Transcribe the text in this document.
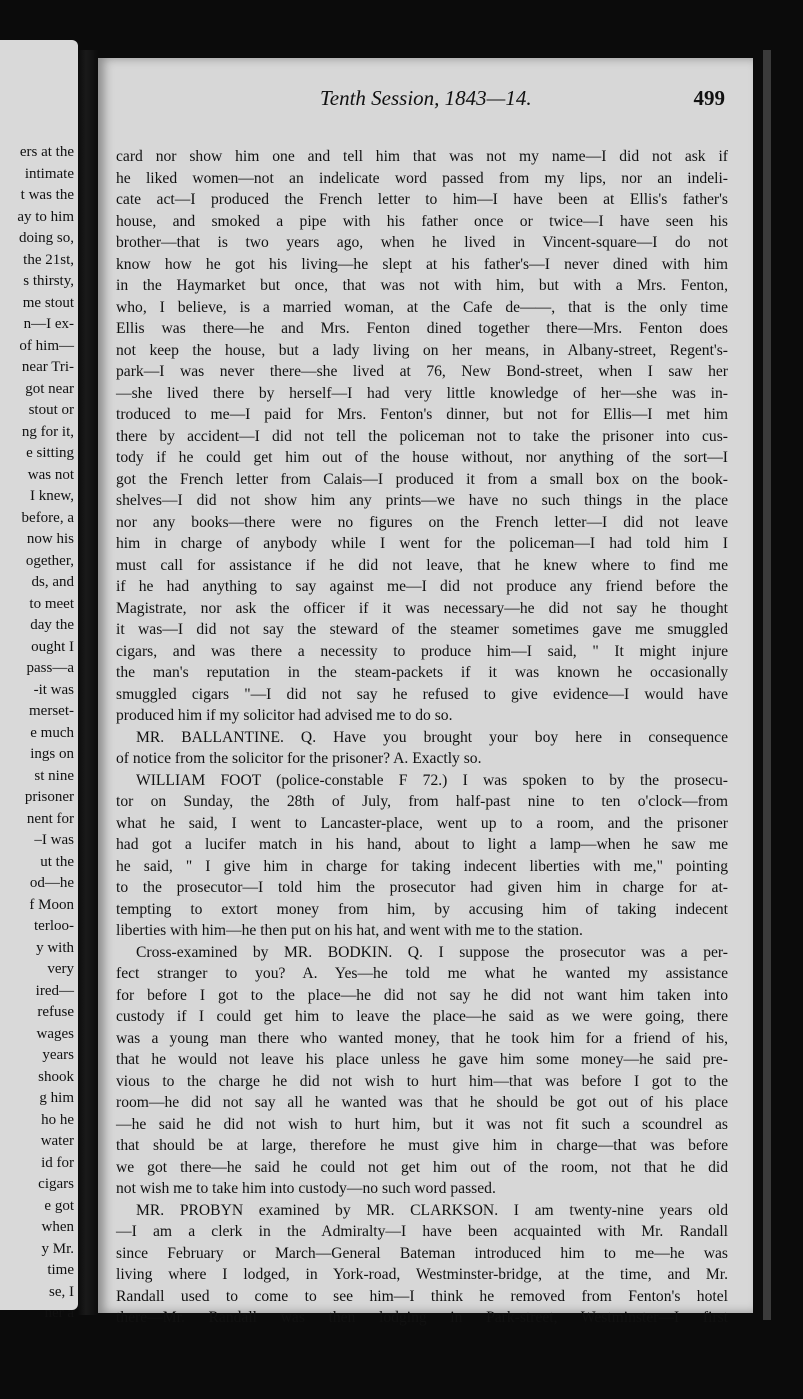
ers at the
intimate
t was the
ay to him
doing so,
the 21st,
s thirsty,
me stout
n—I ex-
of him—
near Tri-
got near
stout or
ng for it,
e sitting
was not
I knew,
before, a
now his
ogether,
ds, and
to meet
day the
ought I
pass—a
-it was
merset-
e much
ings on
st nine
prisoner
nent for
–I was
ut the
od—he
f Moon
terloo-
y with
very
ired—
refuse
wages
years
shook
g him
ho he
water
id for
cigars
e got
when
y Mr.
time
se, I
ner a
Tenth Session, 1843—14.	499
card nor show him one and tell him that was not my name—I did not ask if
he liked women—not an indelicate word passed from my lips, nor an indeli-
cate act—I produced the French letter to him—I have been at Ellis's father's
house, and smoked a pipe with his father once or twice—I have seen his
brother—that is two years ago, when he lived in Vincent-square—I do not
know how he got his living—he slept at his father's—I never dined with him
in the Haymarket but once, that was not with him, but with a Mrs. Fenton,
who, I believe, is a married woman, at the Cafe de——, that is the only time
Ellis was there—he and Mrs. Fenton dined together there—Mrs. Fenton does
not keep the house, but a lady living on her means, in Albany-street, Regent's-
park—I was never there—she lived at 76, New Bond-street, when I saw her
—she lived there by herself—I had very little knowledge of her—she was in-
troduced to me—I paid for Mrs. Fenton's dinner, but not for Ellis—I met him
there by accident—I did not tell the policeman not to take the prisoner into cus-
tody if he could get him out of the house without, nor anything of the sort—I
got the French letter from Calais—I produced it from a small box on the book-
shelves—I did not show him any prints—we have no such things in the place
nor any books—there were no figures on the French letter—I did not leave
him in charge of anybody while I went for the policeman—I had told him I
must call for assistance if he did not leave, that he knew where to find me
if he had anything to say against me—I did not produce any friend before the
Magistrate, nor ask the officer if it was necessary—he did not say he thought
it was—I did not say the steward of the steamer sometimes gave me smuggled
cigars, and was there a necessity to produce him—I said, " It might injure
the man's reputation in the steam-packets if it was known he occasionally
smuggled cigars "—I did not say he refused to give evidence—I would have
produced him if my solicitor had advised me to do so.
MR. BALLANTINE. Q. Have you brought your boy here in consequence
of notice from the solicitor for the prisoner? A. Exactly so.
WILLIAM FOOT (police-constable F 72.) I was spoken to by the prosecu-
tor on Sunday, the 28th of July, from half-past nine to ten o'clock—from
what he said, I went to Lancaster-place, went up to a room, and the prisoner
had got a lucifer match in his hand, about to light a lamp—when he saw me
he said, " I give him in charge for taking indecent liberties with me," pointing
to the prosecutor—I told him the prosecutor had given him in charge for at-
tempting to extort money from him, by accusing him of taking indecent
liberties with him—he then put on his hat, and went with me to the station.
Cross-examined by MR. BODKIN. Q. I suppose the prosecutor was a per-
fect stranger to you? A. Yes—he told me what he wanted my assistance
for before I got to the place—he did not say he did not want him taken into
custody if I could get him to leave the place—he said as we were going, there
was a young man there who wanted money, that he took him for a friend of his,
that he would not leave his place unless he gave him some money—he said pre-
vious to the charge he did not wish to hurt him—that was before I got to the
room—he did not say all he wanted was that he should be got out of his place
—he said he did not wish to hurt him, but it was not fit such a scoundrel as
that should be at large, therefore he must give him in charge—that was before
we got there—he said he could not get him out of the room, not that he did
not wish me to take him into custody—no such word passed.
MR. PROBYN examined by MR. CLARKSON. I am twenty-nine years old
—I am a clerk in the Admiralty—I have been acquainted with Mr. Randall
since February or March—General Bateman introduced him to me—he was
living where I lodged, in York-road, Westminster-bridge, at the time, and Mr.
Randall used to come to see him—I think he removed from Fenton's hotel
there—Mr. Randall was then lodging in Park-street, Westminster—I first
